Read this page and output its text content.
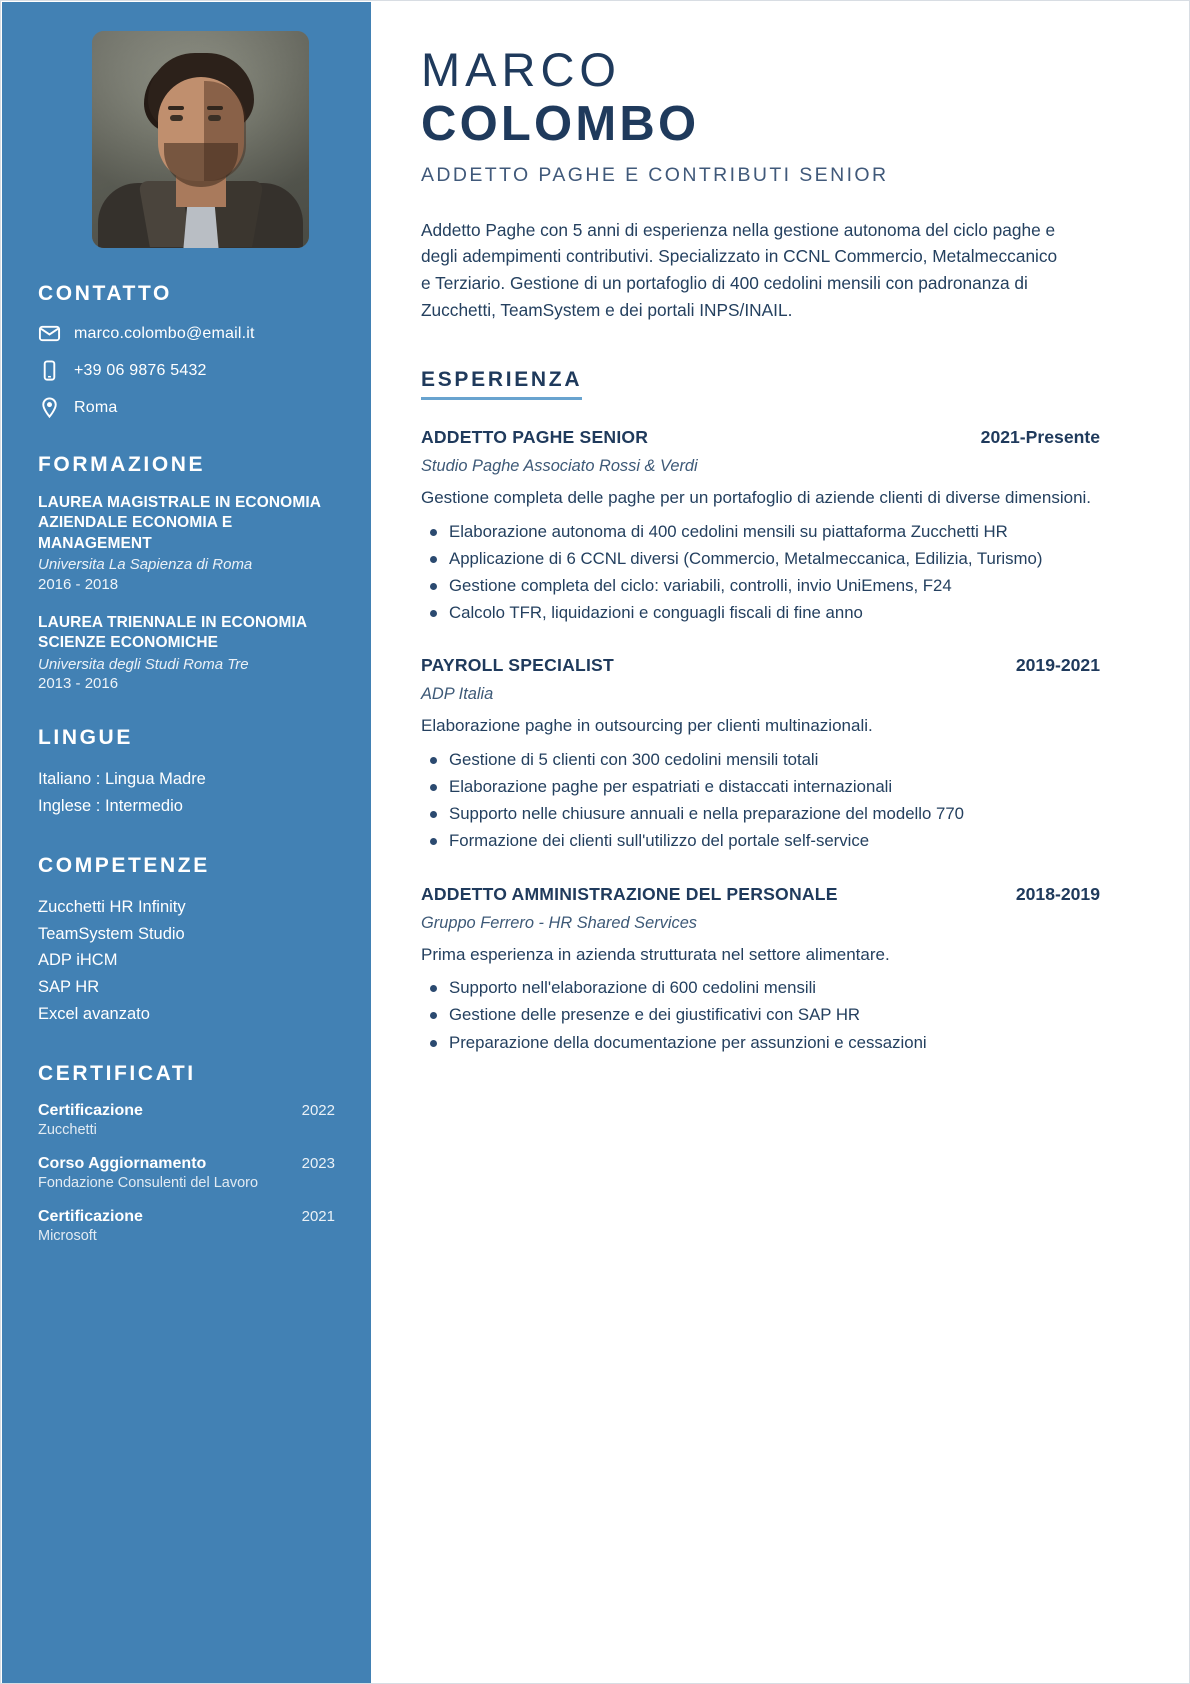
CONTATTO
marco.colombo@email.it
+39 06 9876 5432
Roma
FORMAZIONE
LAUREA MAGISTRALE IN ECONOMIA AZIENDALE ECONOMIA E MANAGEMENT
Universita La Sapienza di Roma
2016 - 2018
LAUREA TRIENNALE IN ECONOMIA SCIENZE ECONOMICHE
Universita degli Studi Roma Tre
2013 - 2016
LINGUE
Italiano : Lingua Madre
Inglese : Intermedio
COMPETENZE
Zucchetti HR Infinity
TeamSystem Studio
ADP iHCM
SAP HR
Excel avanzato
CERTIFICATI
Certificazione	2022
Zucchetti
Corso Aggiornamento	2023
Fondazione Consulenti del Lavoro
Certificazione	2021
Microsoft
MARCO
COLOMBO
ADDETTO PAGHE E CONTRIBUTI SENIOR

Addetto Paghe con 5 anni di esperienza nella gestione autonoma del ciclo paghe e degli adempimenti contributivi. Specializzato in CCNL Commercio, Metalmeccanico e Terziario. Gestione di un portafoglio di 400 cedolini mensili con padronanza di Zucchetti, TeamSystem e dei portali INPS/INAIL.

ESPERIENZA
ADDETTO PAGHE SENIOR	2021-Presente
Studio Paghe Associato Rossi & Verdi
Gestione completa delle paghe per un portafoglio di aziende clienti di diverse dimensioni.
Elaborazione autonoma di 400 cedolini mensili su piattaforma Zucchetti HR
Applicazione di 6 CCNL diversi (Commercio, Metalmeccanica, Edilizia, Turismo)
Gestione completa del ciclo: variabili, controlli, invio UniEmens, F24
Calcolo TFR, liquidazioni e conguagli fiscali di fine anno
PAYROLL SPECIALIST	2019-2021
ADP Italia
Elaborazione paghe in outsourcing per clienti multinazionali.
Gestione di 5 clienti con 300 cedolini mensili totali
Elaborazione paghe per espatriati e distaccati internazionali
Supporto nelle chiusure annuali e nella preparazione del modello 770
Formazione dei clienti sull'utilizzo del portale self-service
ADDETTO AMMINISTRAZIONE DEL PERSONALE	2018-2019
Gruppo Ferrero - HR Shared Services
Prima esperienza in azienda strutturata nel settore alimentare.
Supporto nell'elaborazione di 600 cedolini mensili
Gestione delle presenze e dei giustificativi con SAP HR
Preparazione della documentazione per assunzioni e cessazioni
